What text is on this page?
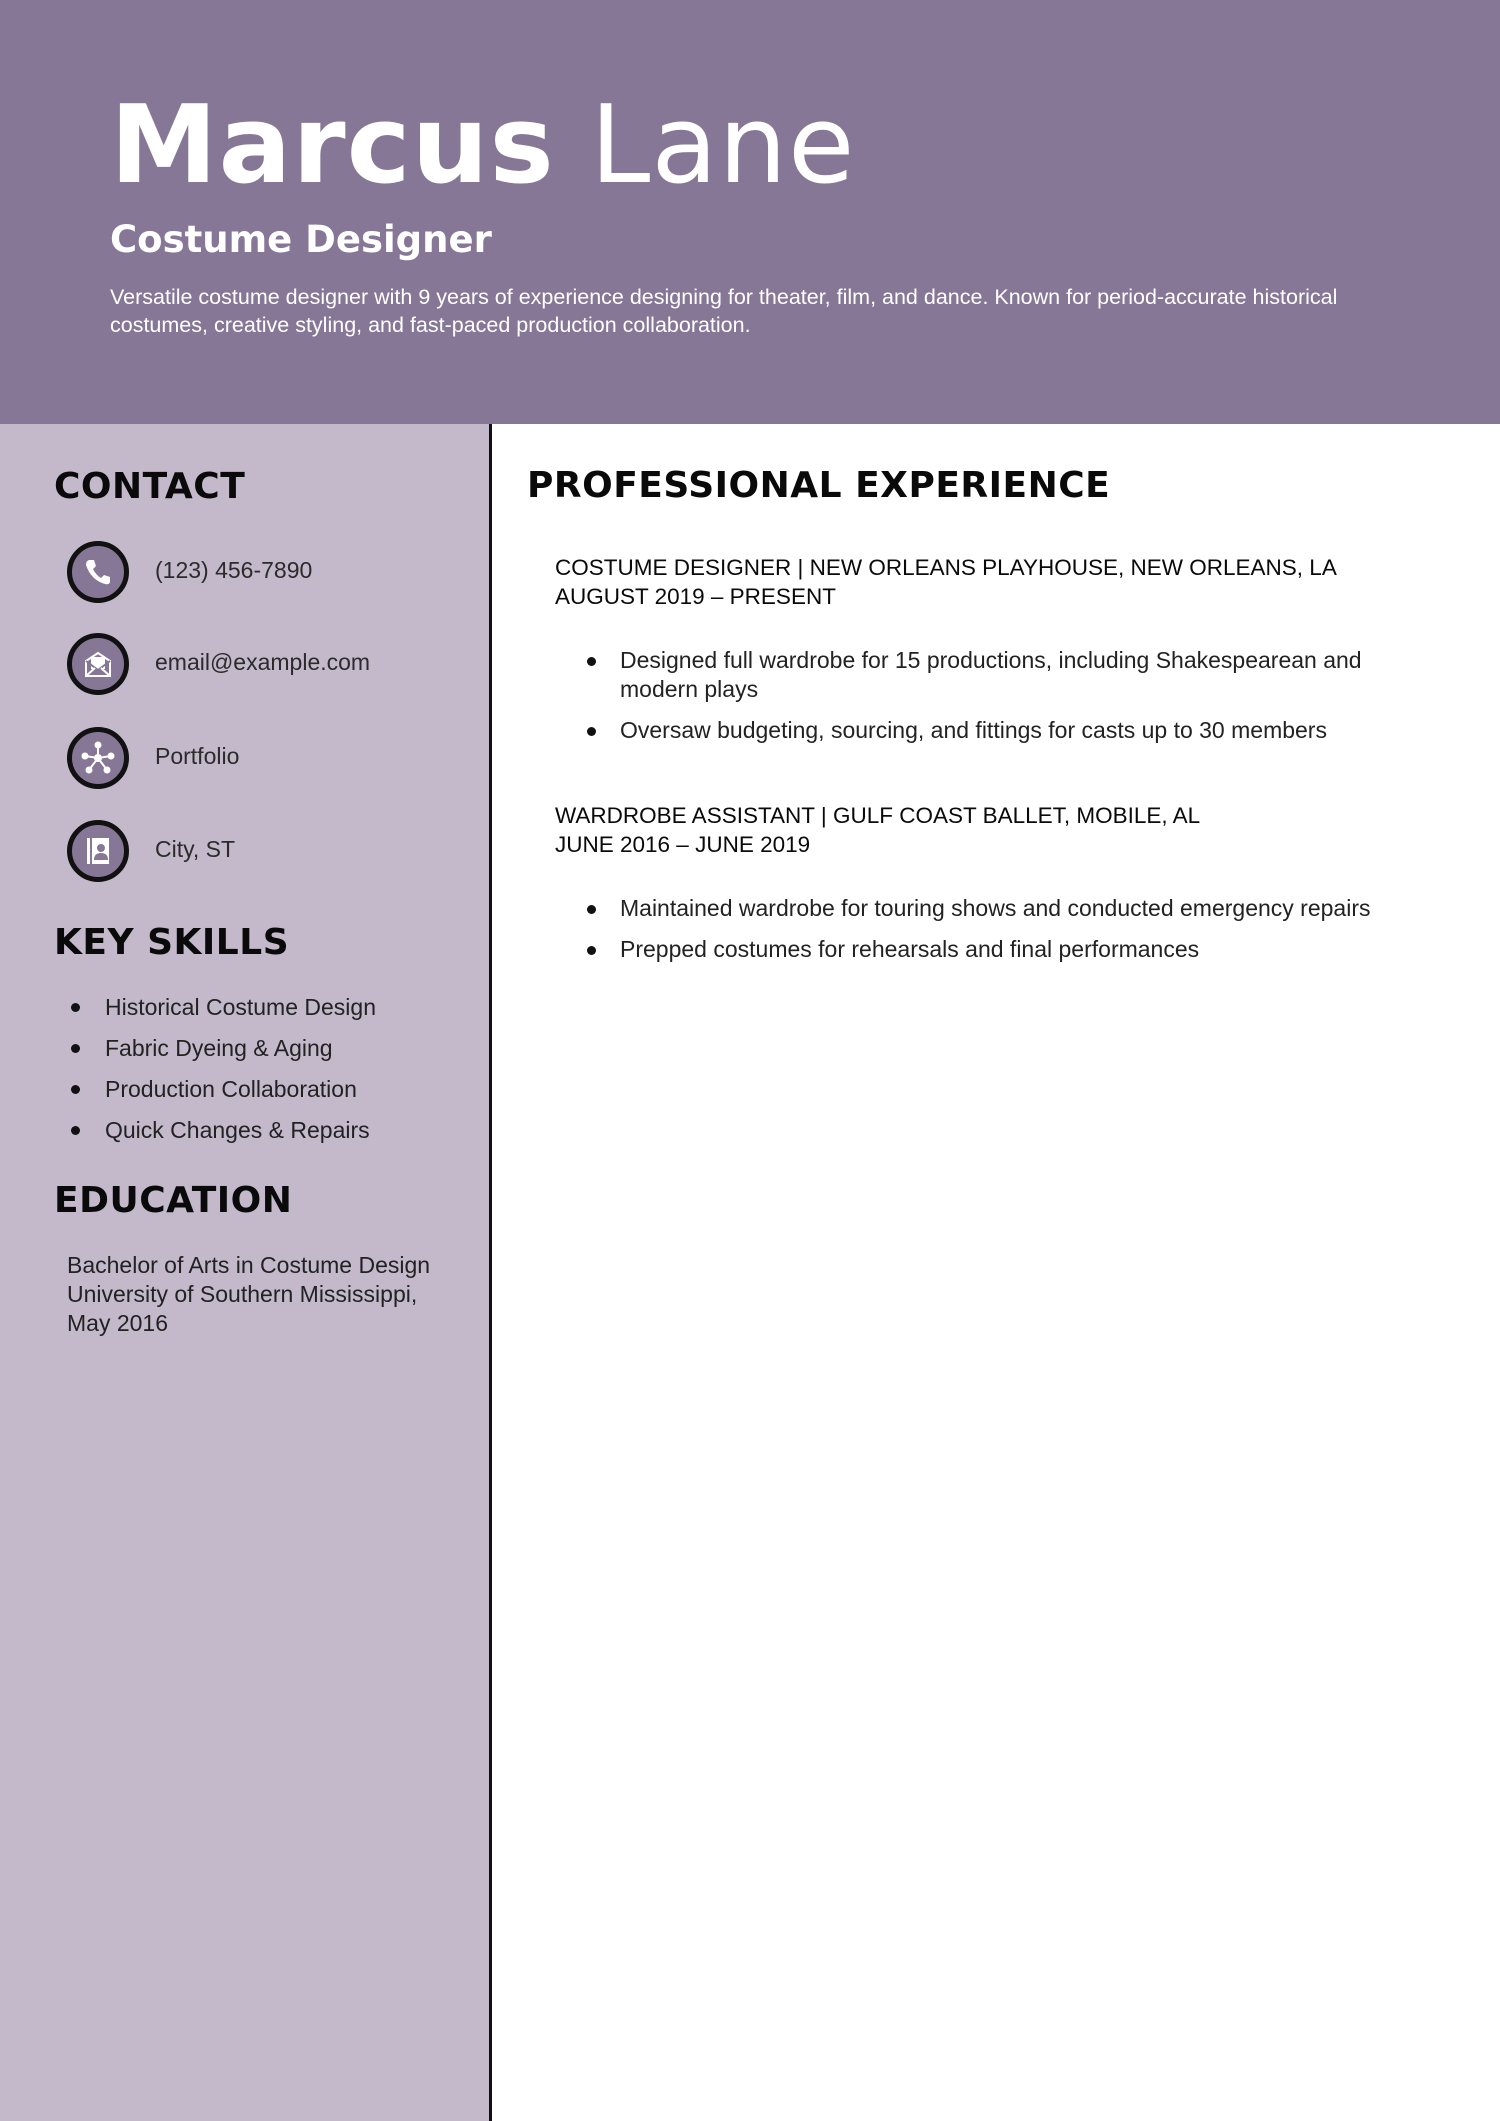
Marcus Lane
Costume Designer
Versatile costume designer with 9 years of experience designing for theater, film, and dance. Known for period-accurate historical costumes, creative styling, and fast-paced production collaboration.
CONTACT
(123) 456-7890
email@example.com
Portfolio
City, ST
KEY SKILLS
Historical Costume Design
Fabric Dyeing & Aging
Production Collaboration
Quick Changes & Repairs
EDUCATION
Bachelor of Arts in Costume Design
University of Southern Mississippi, May 2016
PROFESSIONAL EXPERIENCE
COSTUME DESIGNER | NEW ORLEANS PLAYHOUSE, NEW ORLEANS, LA
AUGUST 2019 – PRESENT
Designed full wardrobe for 15 productions, including Shakespearean and modern plays
Oversaw budgeting, sourcing, and fittings for casts up to 30 members
WARDROBE ASSISTANT | GULF COAST BALLET, MOBILE, AL
JUNE 2016 – JUNE 2019
Maintained wardrobe for touring shows and conducted emergency repairs
Prepped costumes for rehearsals and final performances
